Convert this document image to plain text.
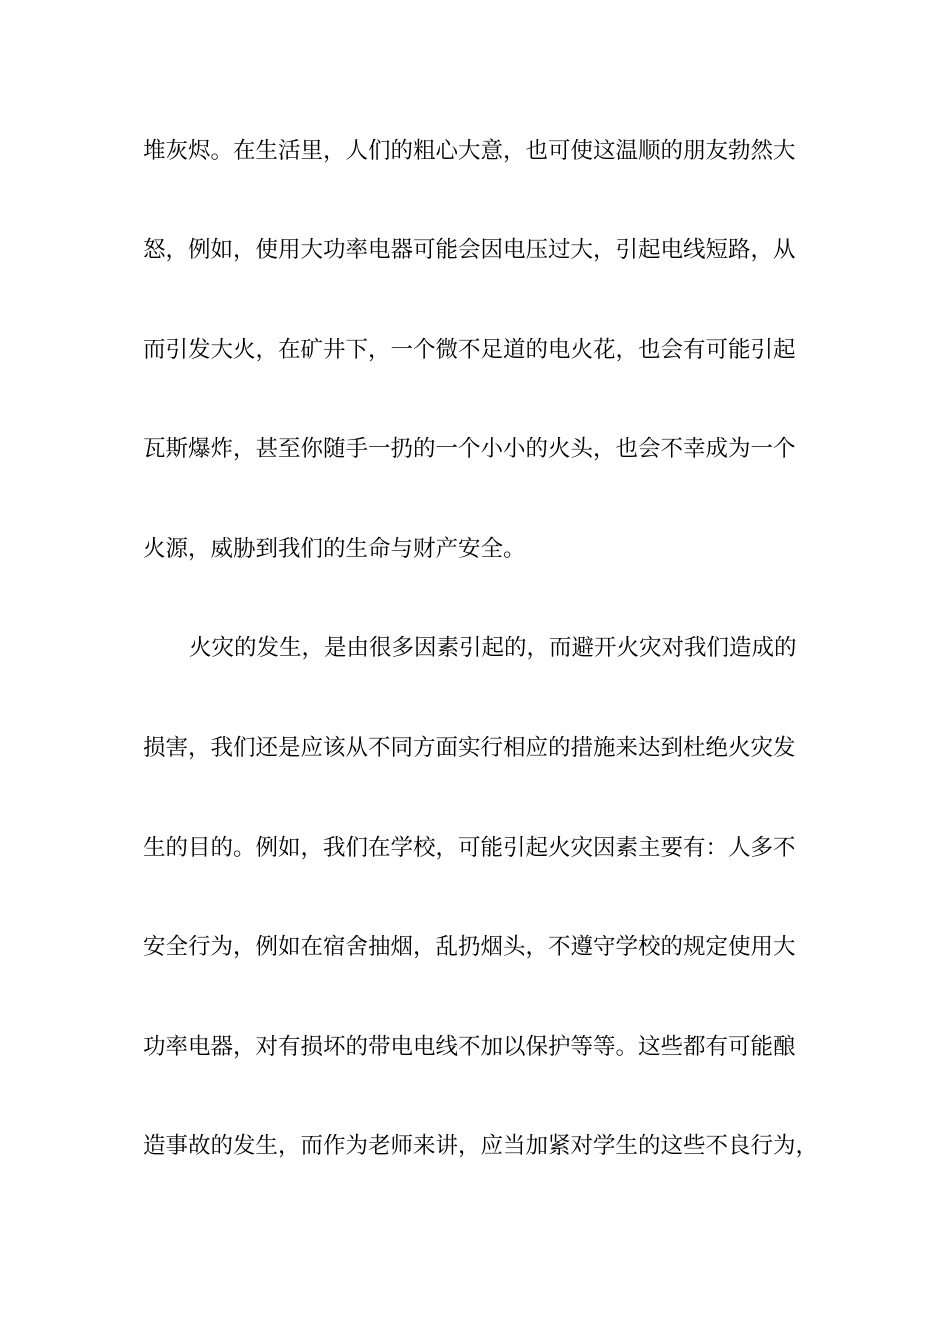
堆灰烬。在生活里，人们的粗心大意，也可使这温顺的朋友勃然大

怒，例如，使用大功率电器可能会因电压过大，引起电线短路，从

而引发大火，在矿井下，一个微不足道的电火花，也会有可能引起

瓦斯爆炸，甚至你随手一扔的一个小小的火头，也会不幸成为一个

火源，威胁到我们的生命与财产安全。

火灾的发生，是由很多因素引起的，而避开火灾对我们造成的

损害，我们还是应该从不同方面实行相应的措施来达到杜绝火灾发

生的目的。例如，我们在学校，可能引起火灾因素主要有：人多不

安全行为，例如在宿舍抽烟，乱扔烟头，不遵守学校的规定使用大

功率电器，对有损坏的带电电线不加以保护等等。这些都有可能酿

造事故的发生，而作为老师来讲，应当加紧对学生的这些不良行为，
